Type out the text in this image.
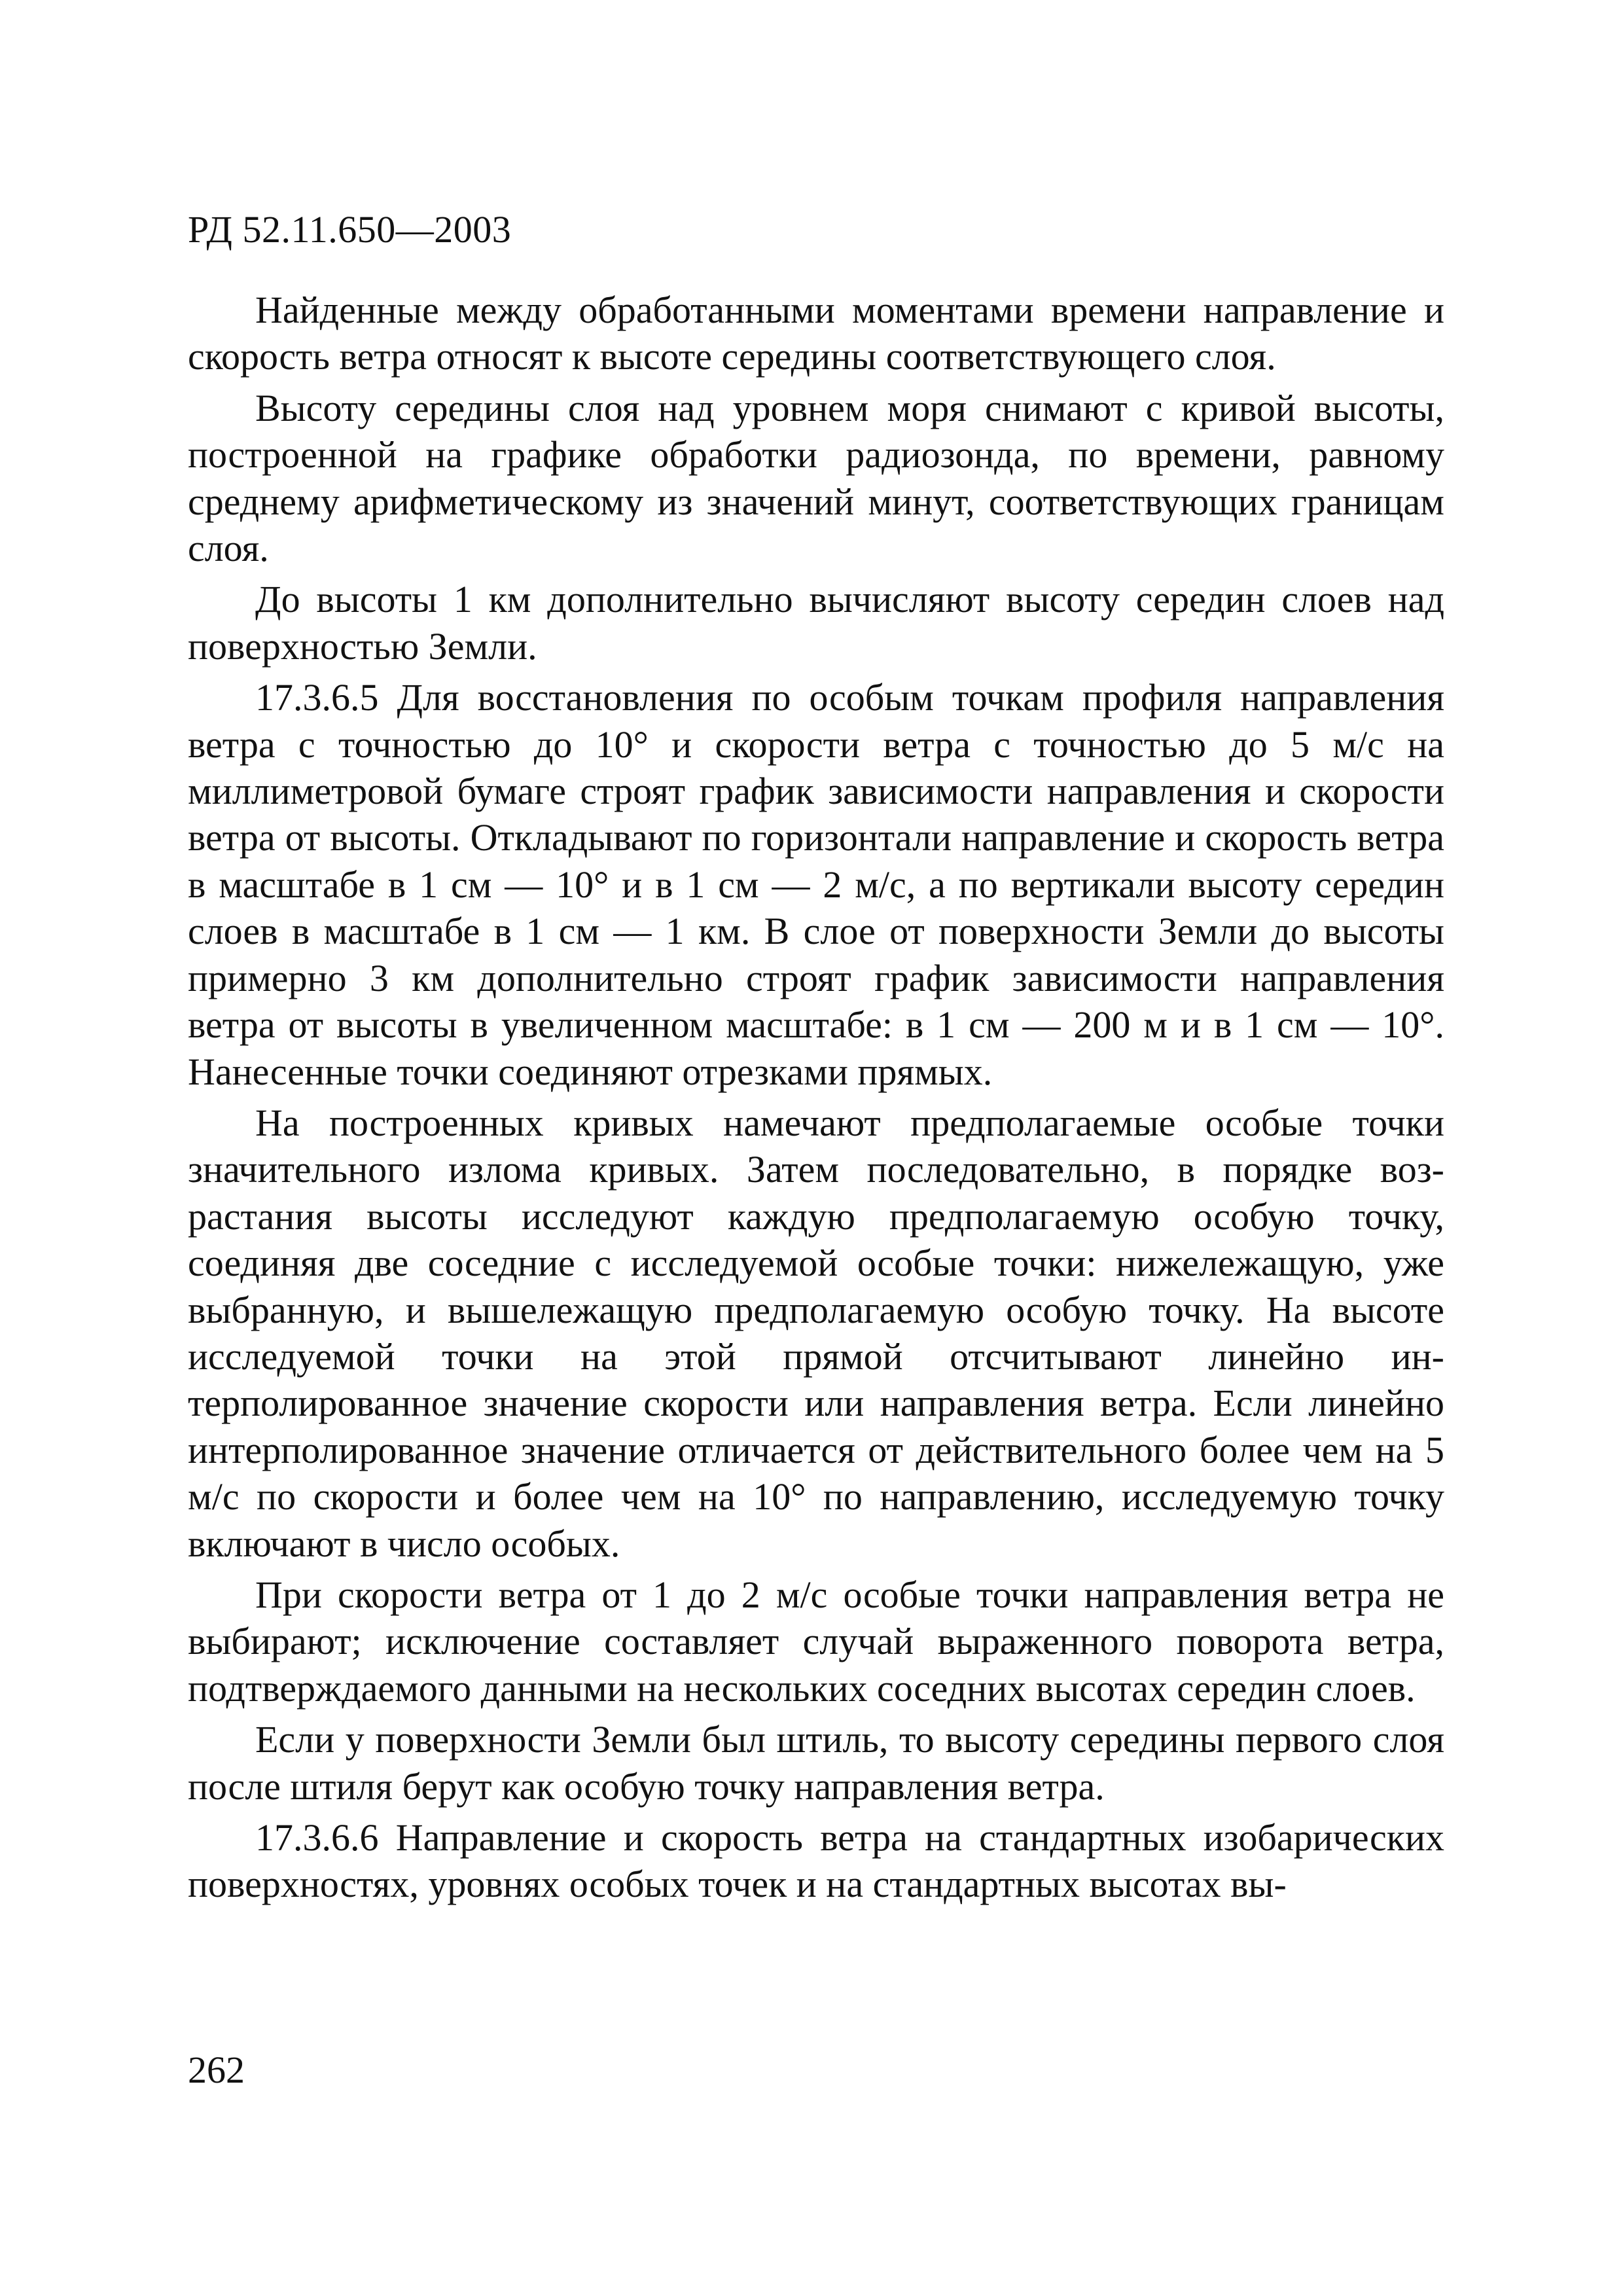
РД 52.11.650—2003

Найденные между обработанными моментами времени направление и скорость ветра относят к высоте середины соответствующего слоя.

Высоту середины слоя над уровнем моря снимают с кривой высоты, построенной на графике обработки радиозонда, по времени, равному среднему арифметическому из значений минут, соответствующих границам слоя.

До высоты 1 км дополнительно вычисляют высоту середин слоев над поверхностью Земли.

17.3.6.5 Для восстановления по особым точкам профиля направления ветра с точностью до 10° и скорости ветра с точностью до 5 м/с на миллиметровой бумаге строят график зависимости направления и скорости ветра от высоты. Откладывают по горизонтали направление и скорость ветра в масштабе в 1 см — 10° и в 1 см — 2 м/с, а по вертикали высоту середин слоев в масштабе в 1 см — 1 км. В слое от поверхности Земли до высоты примерно 3 км дополнительно строят график зависимости направления ветра от высоты в увеличенном масштабе: в 1 см — 200 м и в 1 см — 10°. Нанесенные точки соединяют отрезками прямых.

На построенных кривых намечают предполагаемые особые точки значительного излома кривых. Затем последовательно, в порядке возрастания высоты исследуют каждую предполагаемую особую точку, соединяя две соседние с исследуемой особые точки: нижележащую, уже выбранную, и вышележащую предполагаемую особую точку. На высоте исследуемой точки на этой прямой отсчитывают линейно интерполированное значение скорости или направления ветра. Если линейно интерполированное значение отличается от действительного более чем на 5 м/с по скорости и более чем на 10° по направлению, исследуемую точку включают в число особых.

При скорости ветра от 1 до 2 м/с особые точки направления ветра не выбирают; исключение составляет случай выраженного поворота ветра, подтверждаемого данными на нескольких соседних высотах середин слоев.

Если у поверхности Земли был штиль, то высоту середины первого слоя после штиля берут как особую точку направления ветра.

17.3.6.6 Направление и скорость ветра на стандартных изобарических поверхностях, уровнях особых точек и на стандартных высотах вы-

262
